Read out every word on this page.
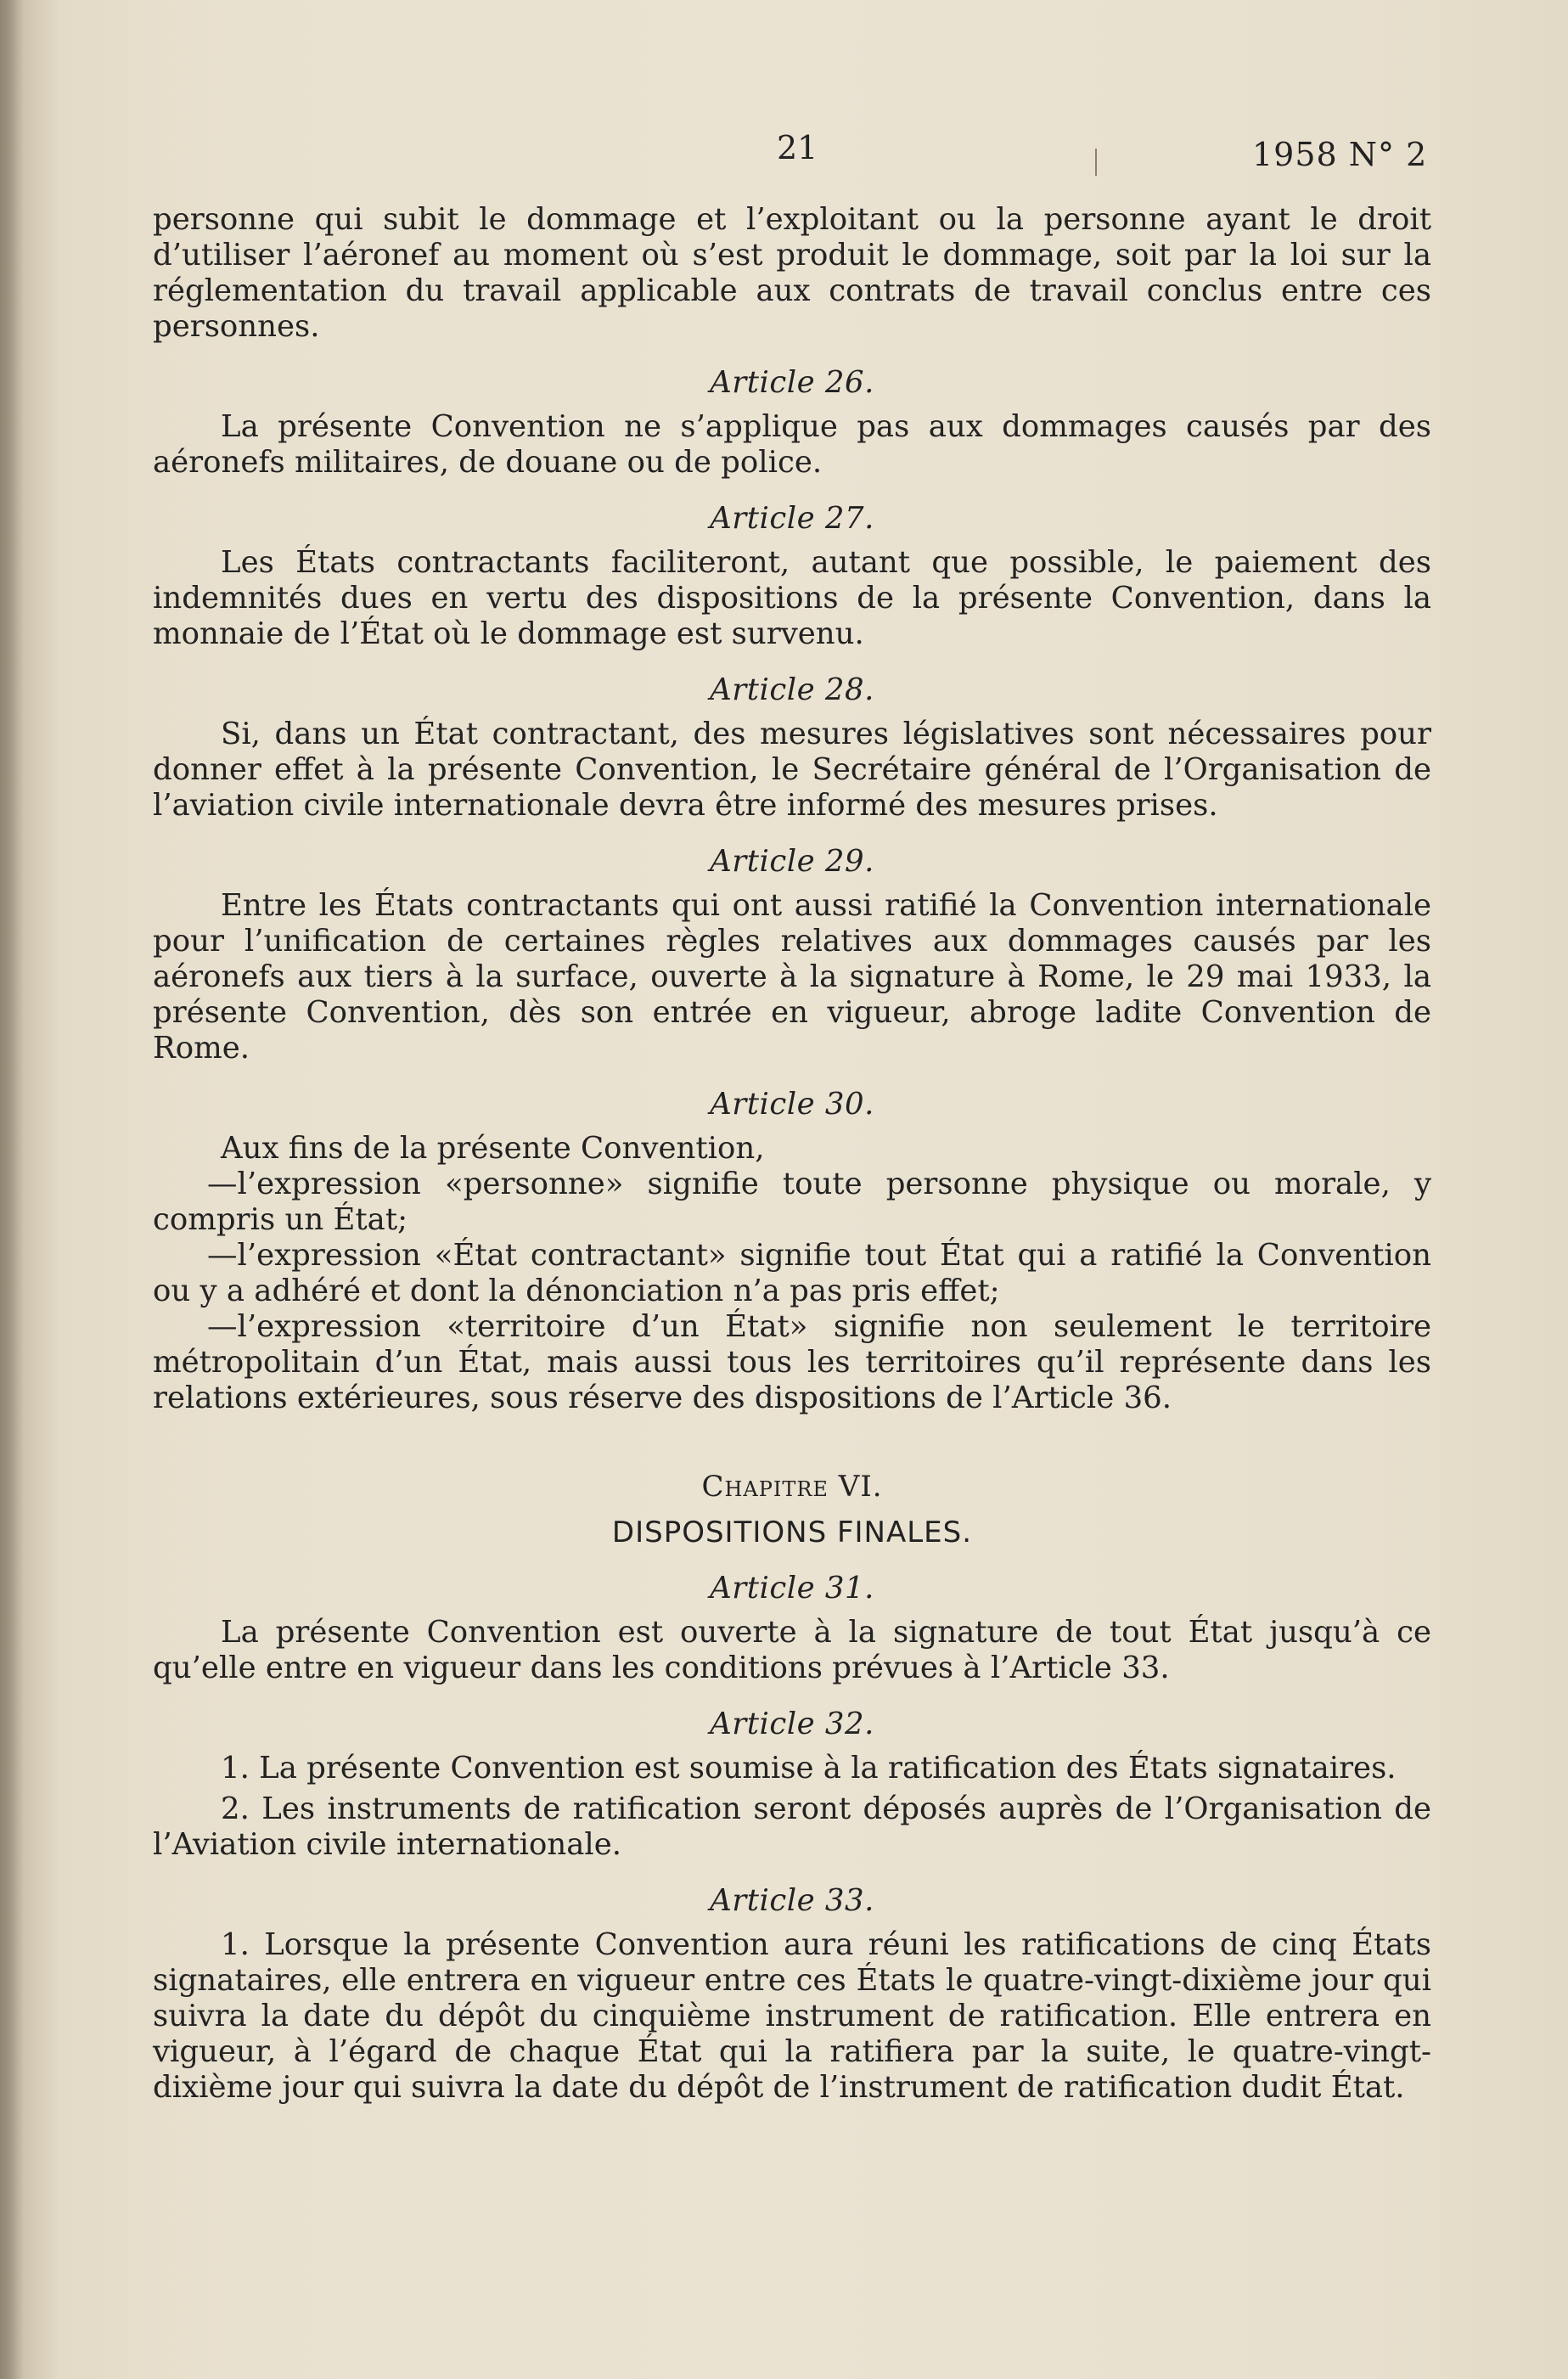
21	1958 N° 2

personne qui subit le dommage et l’exploitant ou la personne ayant le droit d’utiliser l’aéronef au moment où s’est produit le dommage, soit par la loi sur la réglementation du travail applicable aux contrats de travail conclus entre ces personnes.

Article 26.

La présente Convention ne s’applique pas aux dommages causés par des aéronefs militaires, de douane ou de police.

Article 27.

Les États contractants faciliteront, autant que possible, le paiement des indemnités dues en vertu des dispositions de la présente Convention, dans la monnaie de l’État où le dommage est survenu.

Article 28.

Si, dans un État contractant, des mesures législatives sont nécessaires pour donner effet à la présente Convention, le Secrétaire général de l’Organisation de l’aviation civile internationale devra être informé des mesures prises.

Article 29.

Entre les États contractants qui ont aussi ratifié la Convention internationale pour l’unification de certaines règles relatives aux dommages causés par les aéronefs aux tiers à la surface, ouverte à la signature à Rome, le 29 mai 1933, la présente Convention, dès son entrée en vigueur, abroge ladite Convention de Rome.

Article 30.

Aux fins de la présente Convention,

—l’expression «personne» signifie toute personne physique ou morale, y compris un État;

—l’expression «État contractant» signifie tout État qui a ratifié la Convention ou y a adhéré et dont la dénonciation n’a pas pris effet;

—l’expression «territoire d’un État» signifie non seulement le territoire métropolitain d’un État, mais aussi tous les territoires qu’il représente dans les relations extérieures, sous réserve des dispositions de l’Article 36.

Chapitre VI.
DISPOSITIONS FINALES.
Article 31.

La présente Convention est ouverte à la signature de tout État jusqu’à ce qu’elle entre en vigueur dans les conditions prévues à l’Article 33.

Article 32.

1. La présente Convention est soumise à la ratification des États signataires.

2. Les instruments de ratification seront déposés auprès de l’Organisation de l’Aviation civile internationale.

Article 33.

1. Lorsque la présente Convention aura réuni les ratifications de cinq États signataires, elle entrera en vigueur entre ces États le quatre-vingt-dixième jour qui suivra la date du dépôt du cinquième instrument de ratification. Elle entrera en vigueur, à l’égard de chaque État qui la ratifiera par la suite, le quatre-vingt-dixième jour qui suivra la date du dépôt de l’instrument de ratification dudit État.
